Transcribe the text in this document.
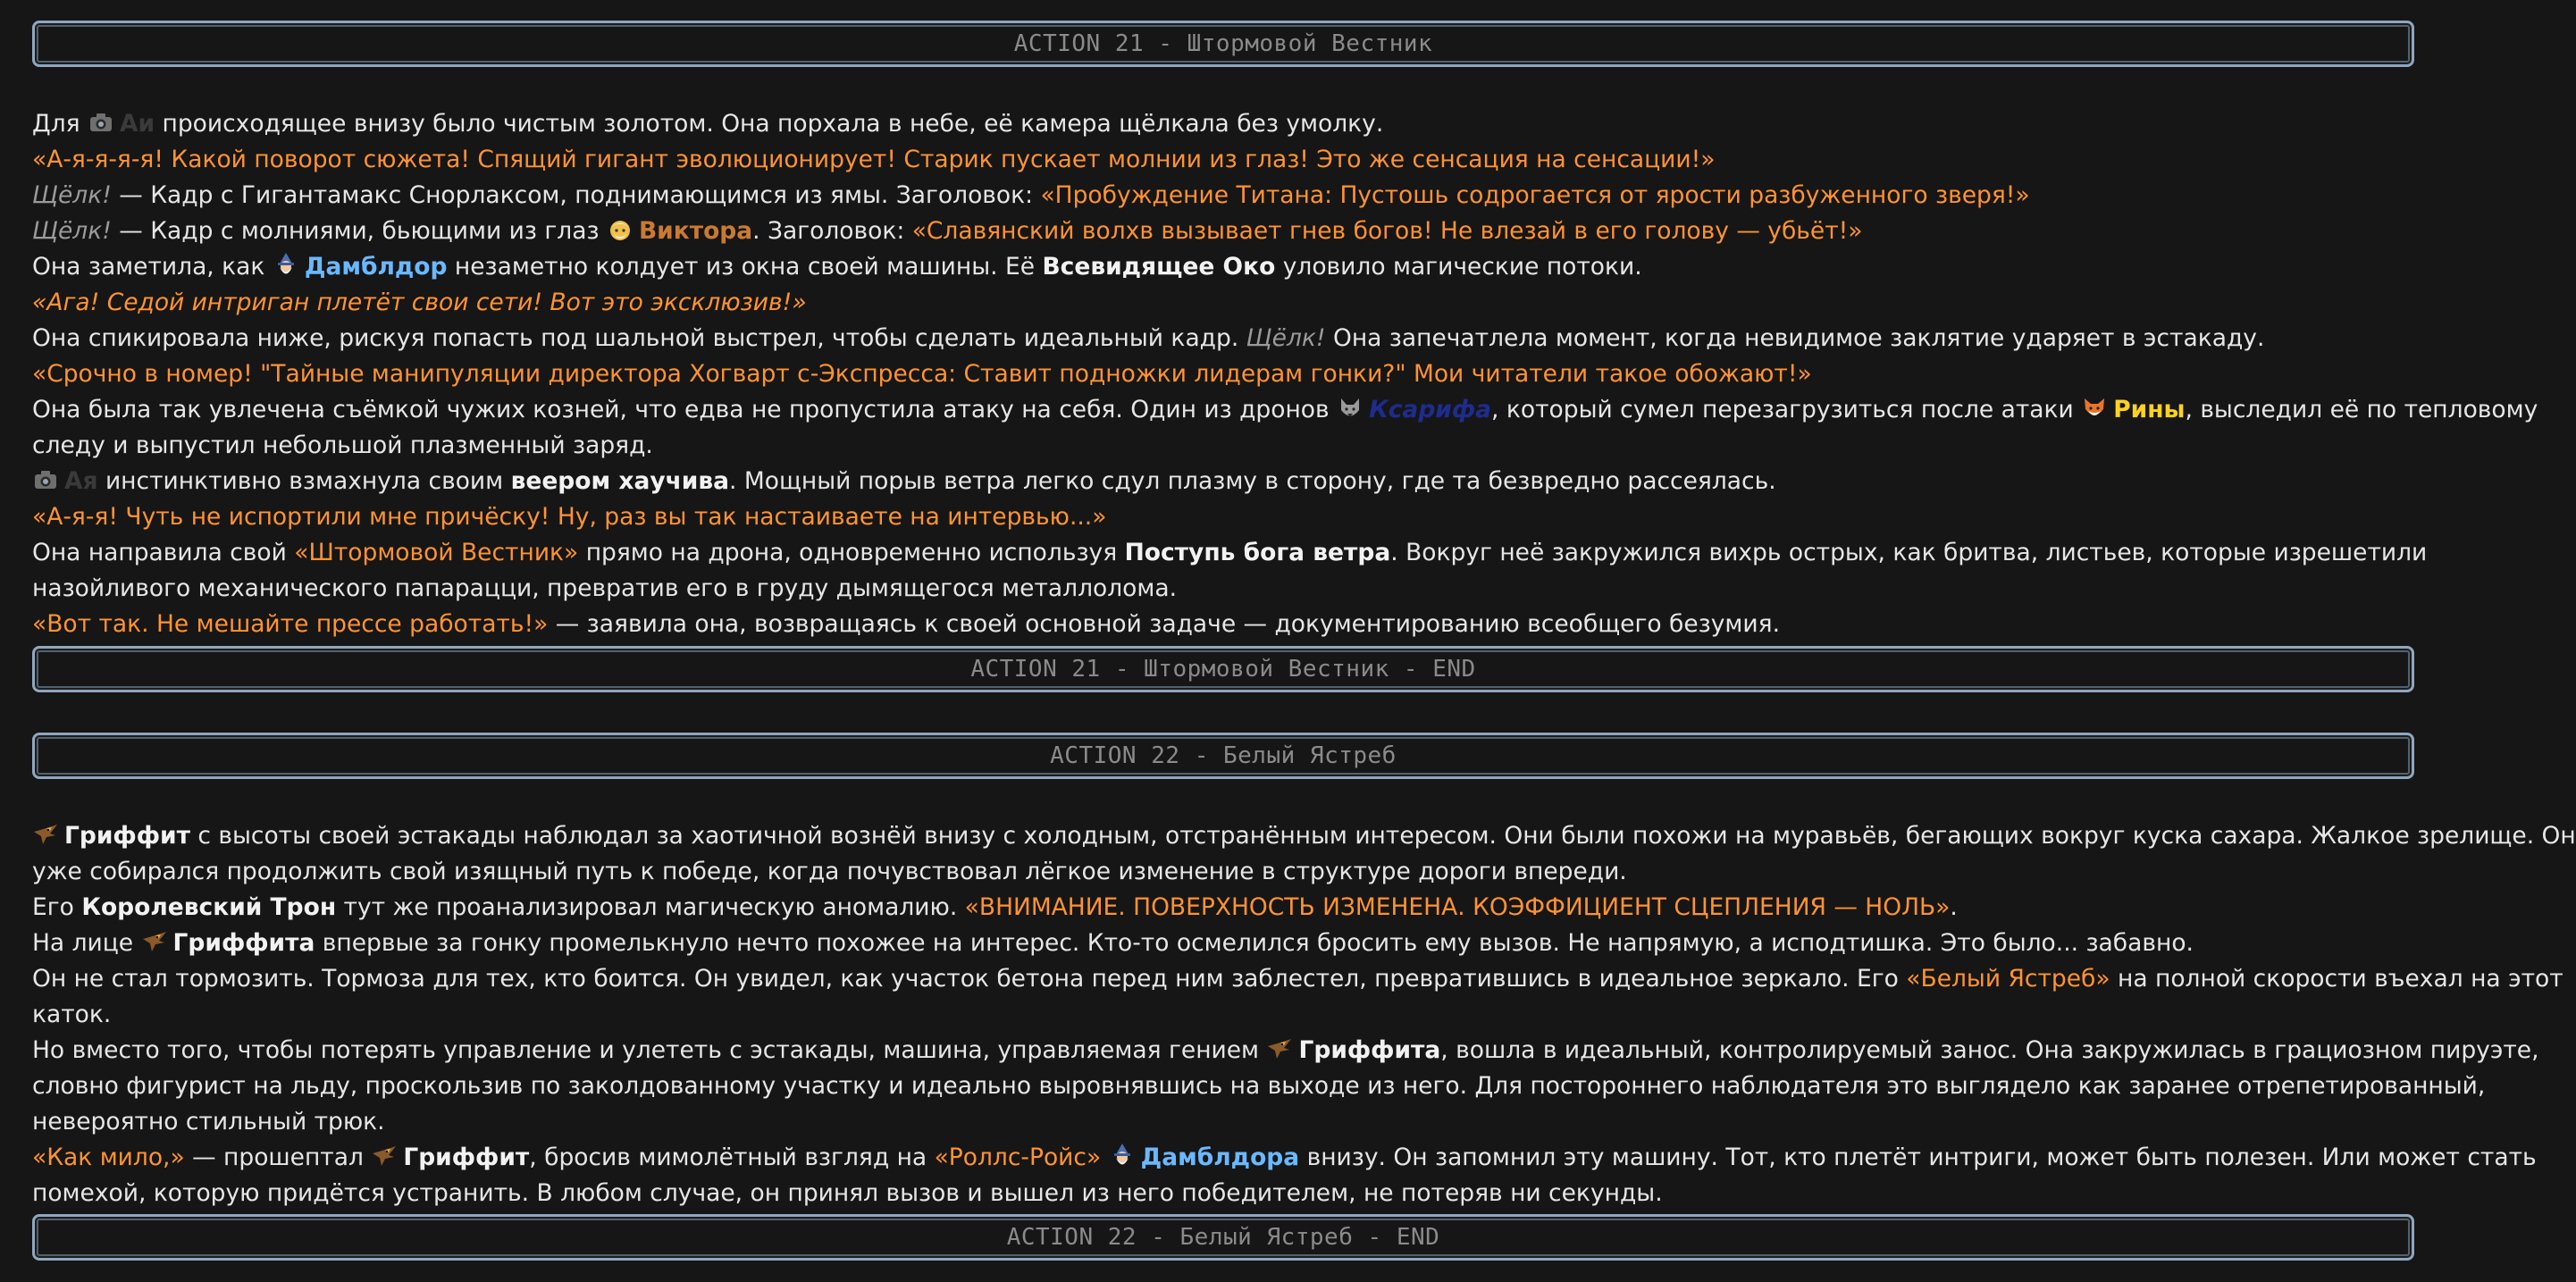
ACTION 21 - Штормовой Вестник

Для Аи происходящее внизу было чистым золотом. Она порхала в небе, её камера щёлкала без умолку.

«А-я-я-я-я! Какой поворот сюжета! Спящий гигант эволюционирует! Старик пускает молнии из глаз! Это же сенсация на сенсации!»

Щёлк! — Кадр с Гигантамакс Снорлаксом, поднимающимся из ямы. Заголовок: «Пробуждение Титана: Пустошь содрогается от ярости разбуженного зверя!»

Щёлк! — Кадр с молниями, бьющими из глаз Виктора. Заголовок: «Славянский волхв вызывает гнев богов! Не влезай в его голову — убьёт!»

Она заметила, как Дамблдор незаметно колдует из окна своей машины. Её Всевидящее Око уловило магические потоки.

«Ага! Седой интриган плетёт свои сети! Вот это эксклюзив!»

Она спикировала ниже, рискуя попасть под шальной выстрел, чтобы сделать идеальный кадр. Щёлк! Она запечатлела момент, когда невидимое заклятие ударяет в эстакаду.

«Срочно в номер! "Тайные манипуляции директора Хогварт с-Экспресса: Ставит подножки лидерам гонки?" Мои читатели такое обожают!»

Она была так увлечена съёмкой чужих козней, что едва не пропустила атаку на себя. Один из дронов Ксарифа, который сумел перезагрузиться после атаки Рины, выследил её по тепловому

следу и выпустил небольшой плазменный заряд.

Ая инстинктивно взмахнула своим веером хаучива. Мощный порыв ветра легко сдул плазму в сторону, где та безвредно рассеялась.

«А-я-я! Чуть не испортили мне причёску! Ну, раз вы так настаиваете на интервью...»

Она направила свой «Штормовой Вестник» прямо на дрона, одновременно используя Поступь бога ветра. Вокруг неё закружился вихрь острых, как бритва, листьев, которые изрешетили

назойливого механического папарацци, превратив его в груду дымящегося металлолома.

«Вот так. Не мешайте прессе работать!» — заявила она, возвращаясь к своей основной задаче — документированию всеобщего безумия.

ACTION 21 - Штормовой Вестник - END
ACTION 22 - Белый Ястреб

Гриффит с высоты своей эстакады наблюдал за хаотичной вознёй внизу с холодным, отстранённым интересом. Они были похожи на муравьёв, бегающих вокруг куска сахара. Жалкое зрелище. Он

уже собирался продолжить свой изящный путь к победе, когда почувствовал лёгкое изменение в структуре дороги впереди.

Его Королевский Трон тут же проанализировал магическую аномалию. «ВНИМАНИЕ. ПОВЕРХНОСТЬ ИЗМЕНЕНА. КОЭФФИЦИЕНТ СЦЕПЛЕНИЯ — НОЛЬ».

На лице Гриффита впервые за гонку промелькнуло нечто похожее на интерес. Кто-то осмелился бросить ему вызов. Не напрямую, а исподтишка. Это было... забавно.

Он не стал тормозить. Тормоза для тех, кто боится. Он увидел, как участок бетона перед ним заблестел, превратившись в идеальное зеркало. Его «Белый Ястреб» на полной скорости въехал на этот

каток.

Но вместо того, чтобы потерять управление и улететь с эстакады, машина, управляемая гением Гриффита, вошла в идеальный, контролируемый занос. Она закружилась в грациозном пируэте,

словно фигурист на льду, проскользив по заколдованному участку и идеально выровнявшись на выходе из него. Для постороннего наблюдателя это выглядело как заранее отрепетированный,

невероятно стильный трюк.

«Как мило,» — прошептал Гриффит, бросив мимолётный взгляд на «Роллс-Ройс» Дамблдора внизу. Он запомнил эту машину. Тот, кто плетёт интриги, может быть полезен. Или может стать

помехой, которую придётся устранить. В любом случае, он принял вызов и вышел из него победителем, не потеряв ни секунды.

ACTION 22 - Белый Ястреб - END
